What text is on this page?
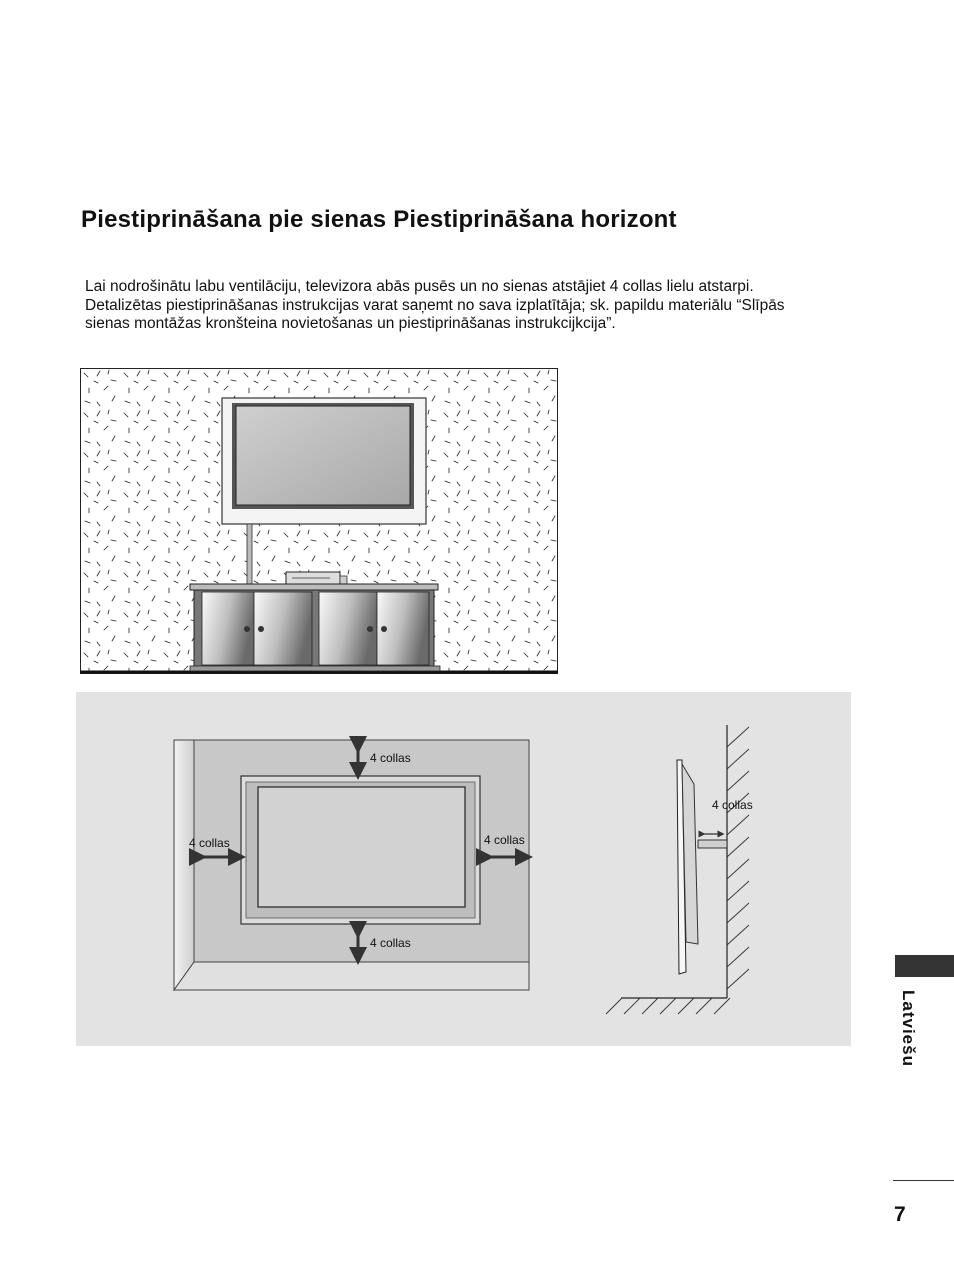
Piestiprināšana pie sienas Piestiprināšana horizont

Lai nodrošinātu labu ventilāciju, televizora abās pusēs un no sienas atstājiet 4 collas lielu atstarpi. Detalizētas piestiprināšanas instrukcijas varat saņemt no sava izplatītāja; sk. papildu materiālu “Slīpās sienas montāžas kronšteina novietošanas un piestiprināšanas instrukcijkcija”.

4 collas
4 collas	4 collas
4 collas
4 collas
Latviešu
7
